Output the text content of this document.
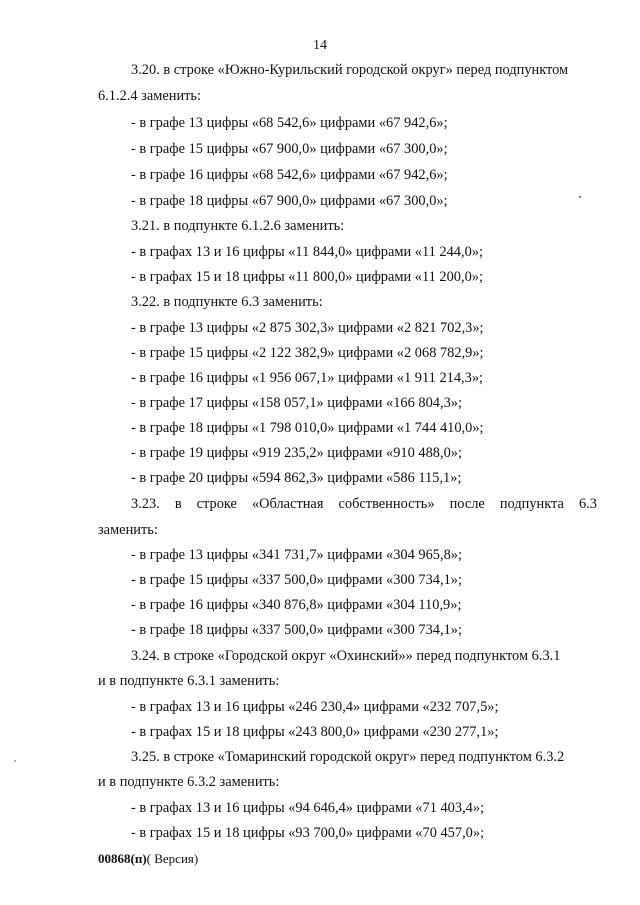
14
3.20. в строке «Южно-Курильский городской округ» перед подпунктом
6.1.2.4 заменить:
- в графе 13 цифры «68 542,6» цифрами «67 942,6»;
- в графе 15 цифры «67 900,0» цифрами «67 300,0»;
- в графе 16 цифры «68 542,6» цифрами «67 942,6»;
- в графе 18 цифры «67 900,0» цифрами «67 300,0»;
3.21. в подпункте 6.1.2.6 заменить:
- в графах 13 и 16 цифры «11 844,0» цифрами «11 244,0»;
- в графах 15 и 18 цифры «11 800,0» цифрами «11 200,0»;
3.22. в подпункте 6.3 заменить:
- в графе 13 цифры «2 875 302,3» цифрами «2 821 702,3»;
- в графе 15 цифры «2 122 382,9» цифрами «2 068 782,9»;
- в графе 16 цифры «1 956 067,1» цифрами «1 911 214,3»;
- в графе 17 цифры «158 057,1» цифрами «166 804,3»;
- в графе 18 цифры «1 798 010,0» цифрами «1 744 410,0»;
- в графе 19 цифры «919 235,2» цифрами «910 488,0»;
- в графе 20 цифры «594 862,3» цифрами «586 115,1»;
3.23. в строке «Областная собственность» после подпункта 6.3
заменить:
- в графе 13 цифры «341 731,7» цифрами «304 965,8»;
- в графе 15 цифры «337 500,0» цифрами «300 734,1»;
- в графе 16 цифры «340 876,8» цифрами «304 110,9»;
- в графе 18 цифры «337 500,0» цифрами «300 734,1»;
3.24. в строке «Городской округ «Охинский»» перед подпунктом 6.3.1
и в подпункте 6.3.1 заменить:
- в графах 13 и 16 цифры «246 230,4» цифрами «232 707,5»;
- в графах 15 и 18 цифры «243 800,0» цифрами «230 277,1»;
3.25. в строке «Томаринский городской округ» перед подпунктом 6.3.2
и в подпункте 6.3.2 заменить:
- в графах 13 и 16 цифры «94 646,4» цифрами «71 403,4»;
- в графах 15 и 18 цифры «93 700,0» цифрами «70 457,0»;
00868(п)( Версия)
